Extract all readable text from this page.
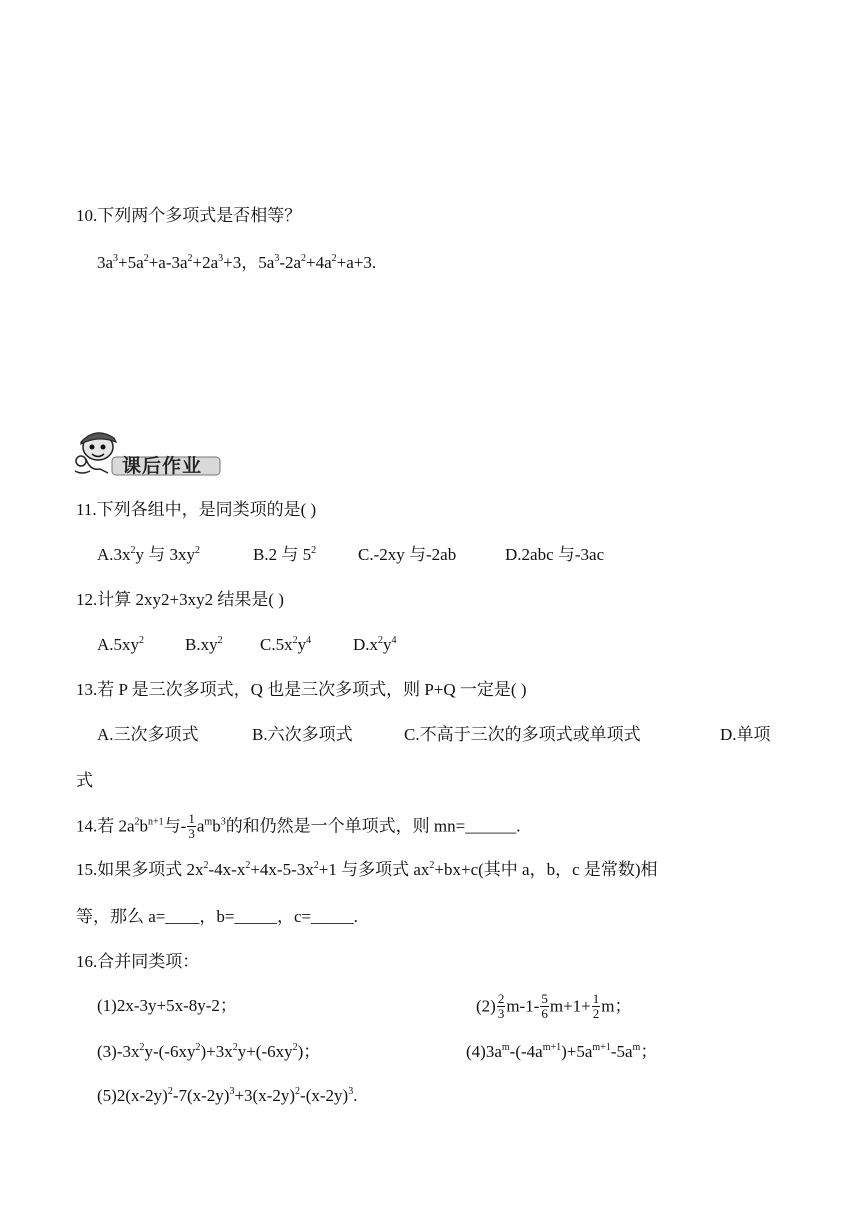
10.下列两个多项式是否相等？
$3a^3+5a^2+a-3a^2+2a^3+3$，$5a^3-2a^2+4a^2+a+3$.
课后作业
11.下列各组中，是同类项的是( )
$A.3x^2y$ 与 $3xy^2$	B.2 与 $5^2$ C.-2xy 与-2ab	D.2abc 与-3ac
12.计算 2xy2+3xy2 结果是( )
$A.5xy^2$ $B.xy^2$ $C.5x^2y^4$ $D.x^2y^4$
13.若 P 是三次多项式，Q 也是三次多项式，则 P+Q 一定是( )
A.三次多项式	B.六次多项式	C.不高于三次的多项式或单项式	D.单项
式
14.若 $2a^2b^{n+1}$与- $\frac{1}{3} a^mb^3$的和仍然是一个单项式，则 mn=______.
15.如果多项式 $2x^2-4x-x^2+4x-5-3x^2+1$ 与多项式 $ax^2+bx+c$(其中 a，b，c 是常数)相
等，那么 a=____，b=_____，c=_____.
16.合并同类项：
(1)2x-3y+5x-8y-2；	$(2) \frac{2}{3} m-1- \frac{5}{6} m+1+ \frac{1}{2}$ m；
$(3)-3x^2y-(-6xy^2)+3x^2y+(-6xy^2)$；	$(4)3a^m-(-4a^{m+1})+5a^{m+1}-5a^m$；
$(5)2(x-2y)^2-7(x-2y)^3+3(x-2y)^2-(x-2y)^3$.
